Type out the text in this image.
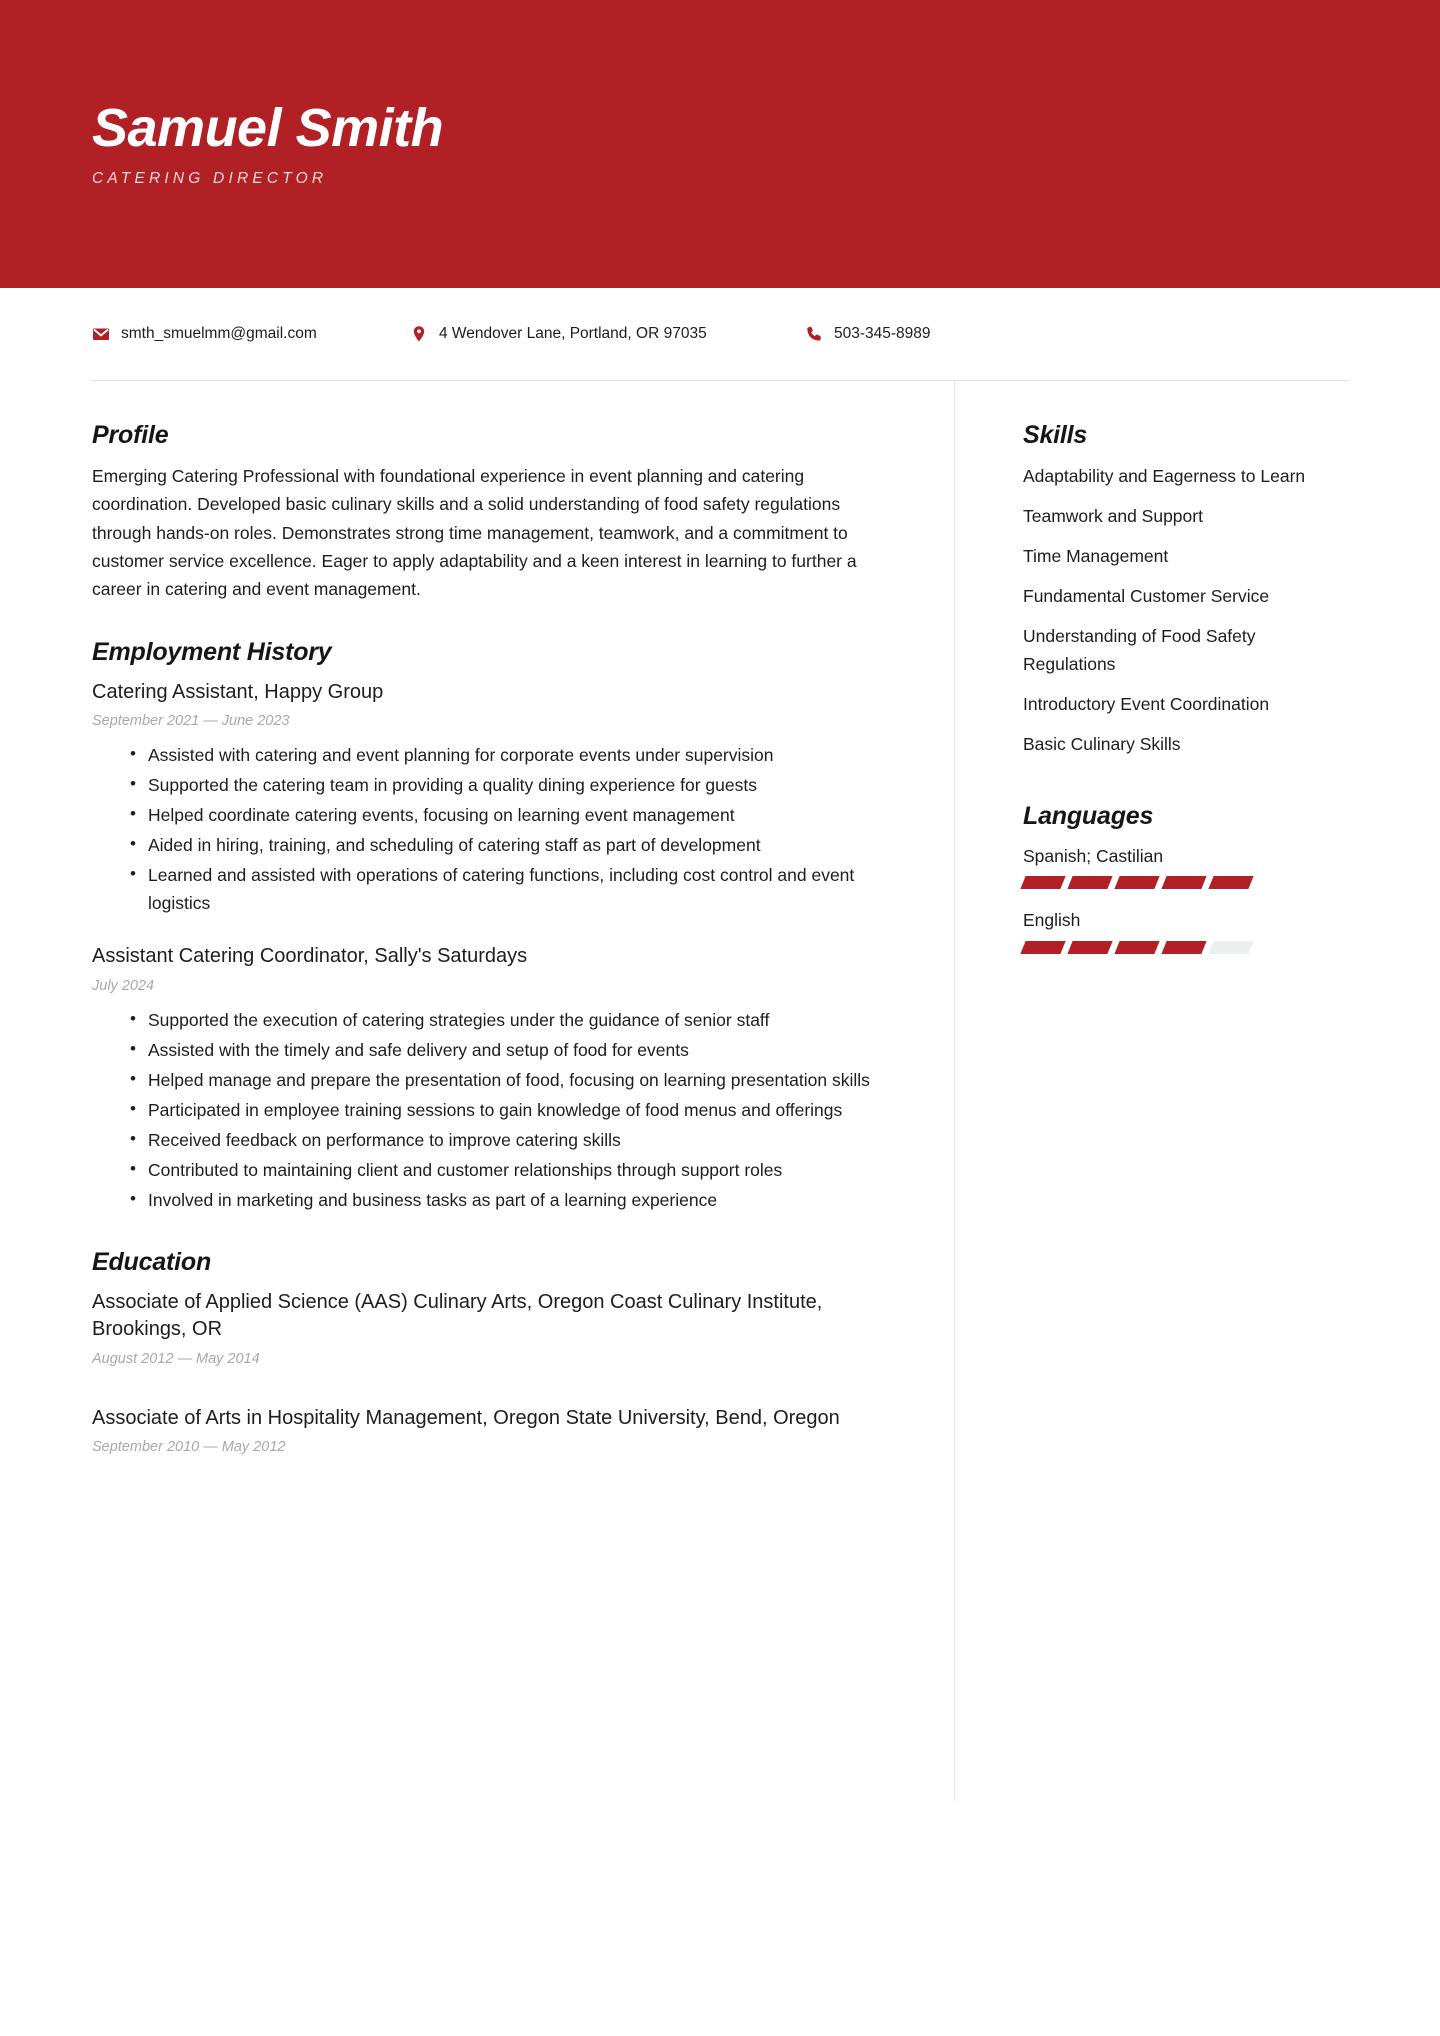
Samuel Smith

CATERING DIRECTOR

smth_smuelmm@gmail.com	4 Wendover Lane, Portland, OR 97035	503-345-8989
Profile

Emerging Catering Professional with foundational experience in event planning and catering coordination. Developed basic culinary skills and a solid understanding of food safety regulations through hands-on roles. Demonstrates strong time management, teamwork, and a commitment to customer service excellence. Eager to apply adaptability and a keen interest in learning to further a career in catering and event management.

Employment History
Catering Assistant, Happy Group

September 2021 — June 2023

• Assisted with catering and event planning for corporate events under supervision
• Supported the catering team in providing a quality dining experience for guests
• Helped coordinate catering events, focusing on learning event management
• Aided in hiring, training, and scheduling of catering staff as part of development
• Learned and assisted with operations of catering functions, including cost control and event logistics
Assistant Catering Coordinator, Sally's Saturdays

July 2024

• Supported the execution of catering strategies under the guidance of senior staff
• Assisted with the timely and safe delivery and setup of food for events
• Helped manage and prepare the presentation of food, focusing on learning presentation skills
• Participated in employee training sessions to gain knowledge of food menus and offerings
• Received feedback on performance to improve catering skills
• Contributed to maintaining client and customer relationships through support roles
• Involved in marketing and business tasks as part of a learning experience
Education
Associate of Applied Science (AAS) Culinary Arts, Oregon Coast Culinary Institute, Brookings, OR

August 2012 — May 2014

Associate of Arts in Hospitality Management, Oregon State University, Bend, Oregon

September 2010 — May 2012

Skills
Adaptability and Eagerness to Learn
Teamwork and Support
Time Management
Fundamental Customer Service
Understanding of Food Safety Regulations
Introductory Event Coordination
Basic Culinary Skills
Languages

Spanish; Castilian

English
